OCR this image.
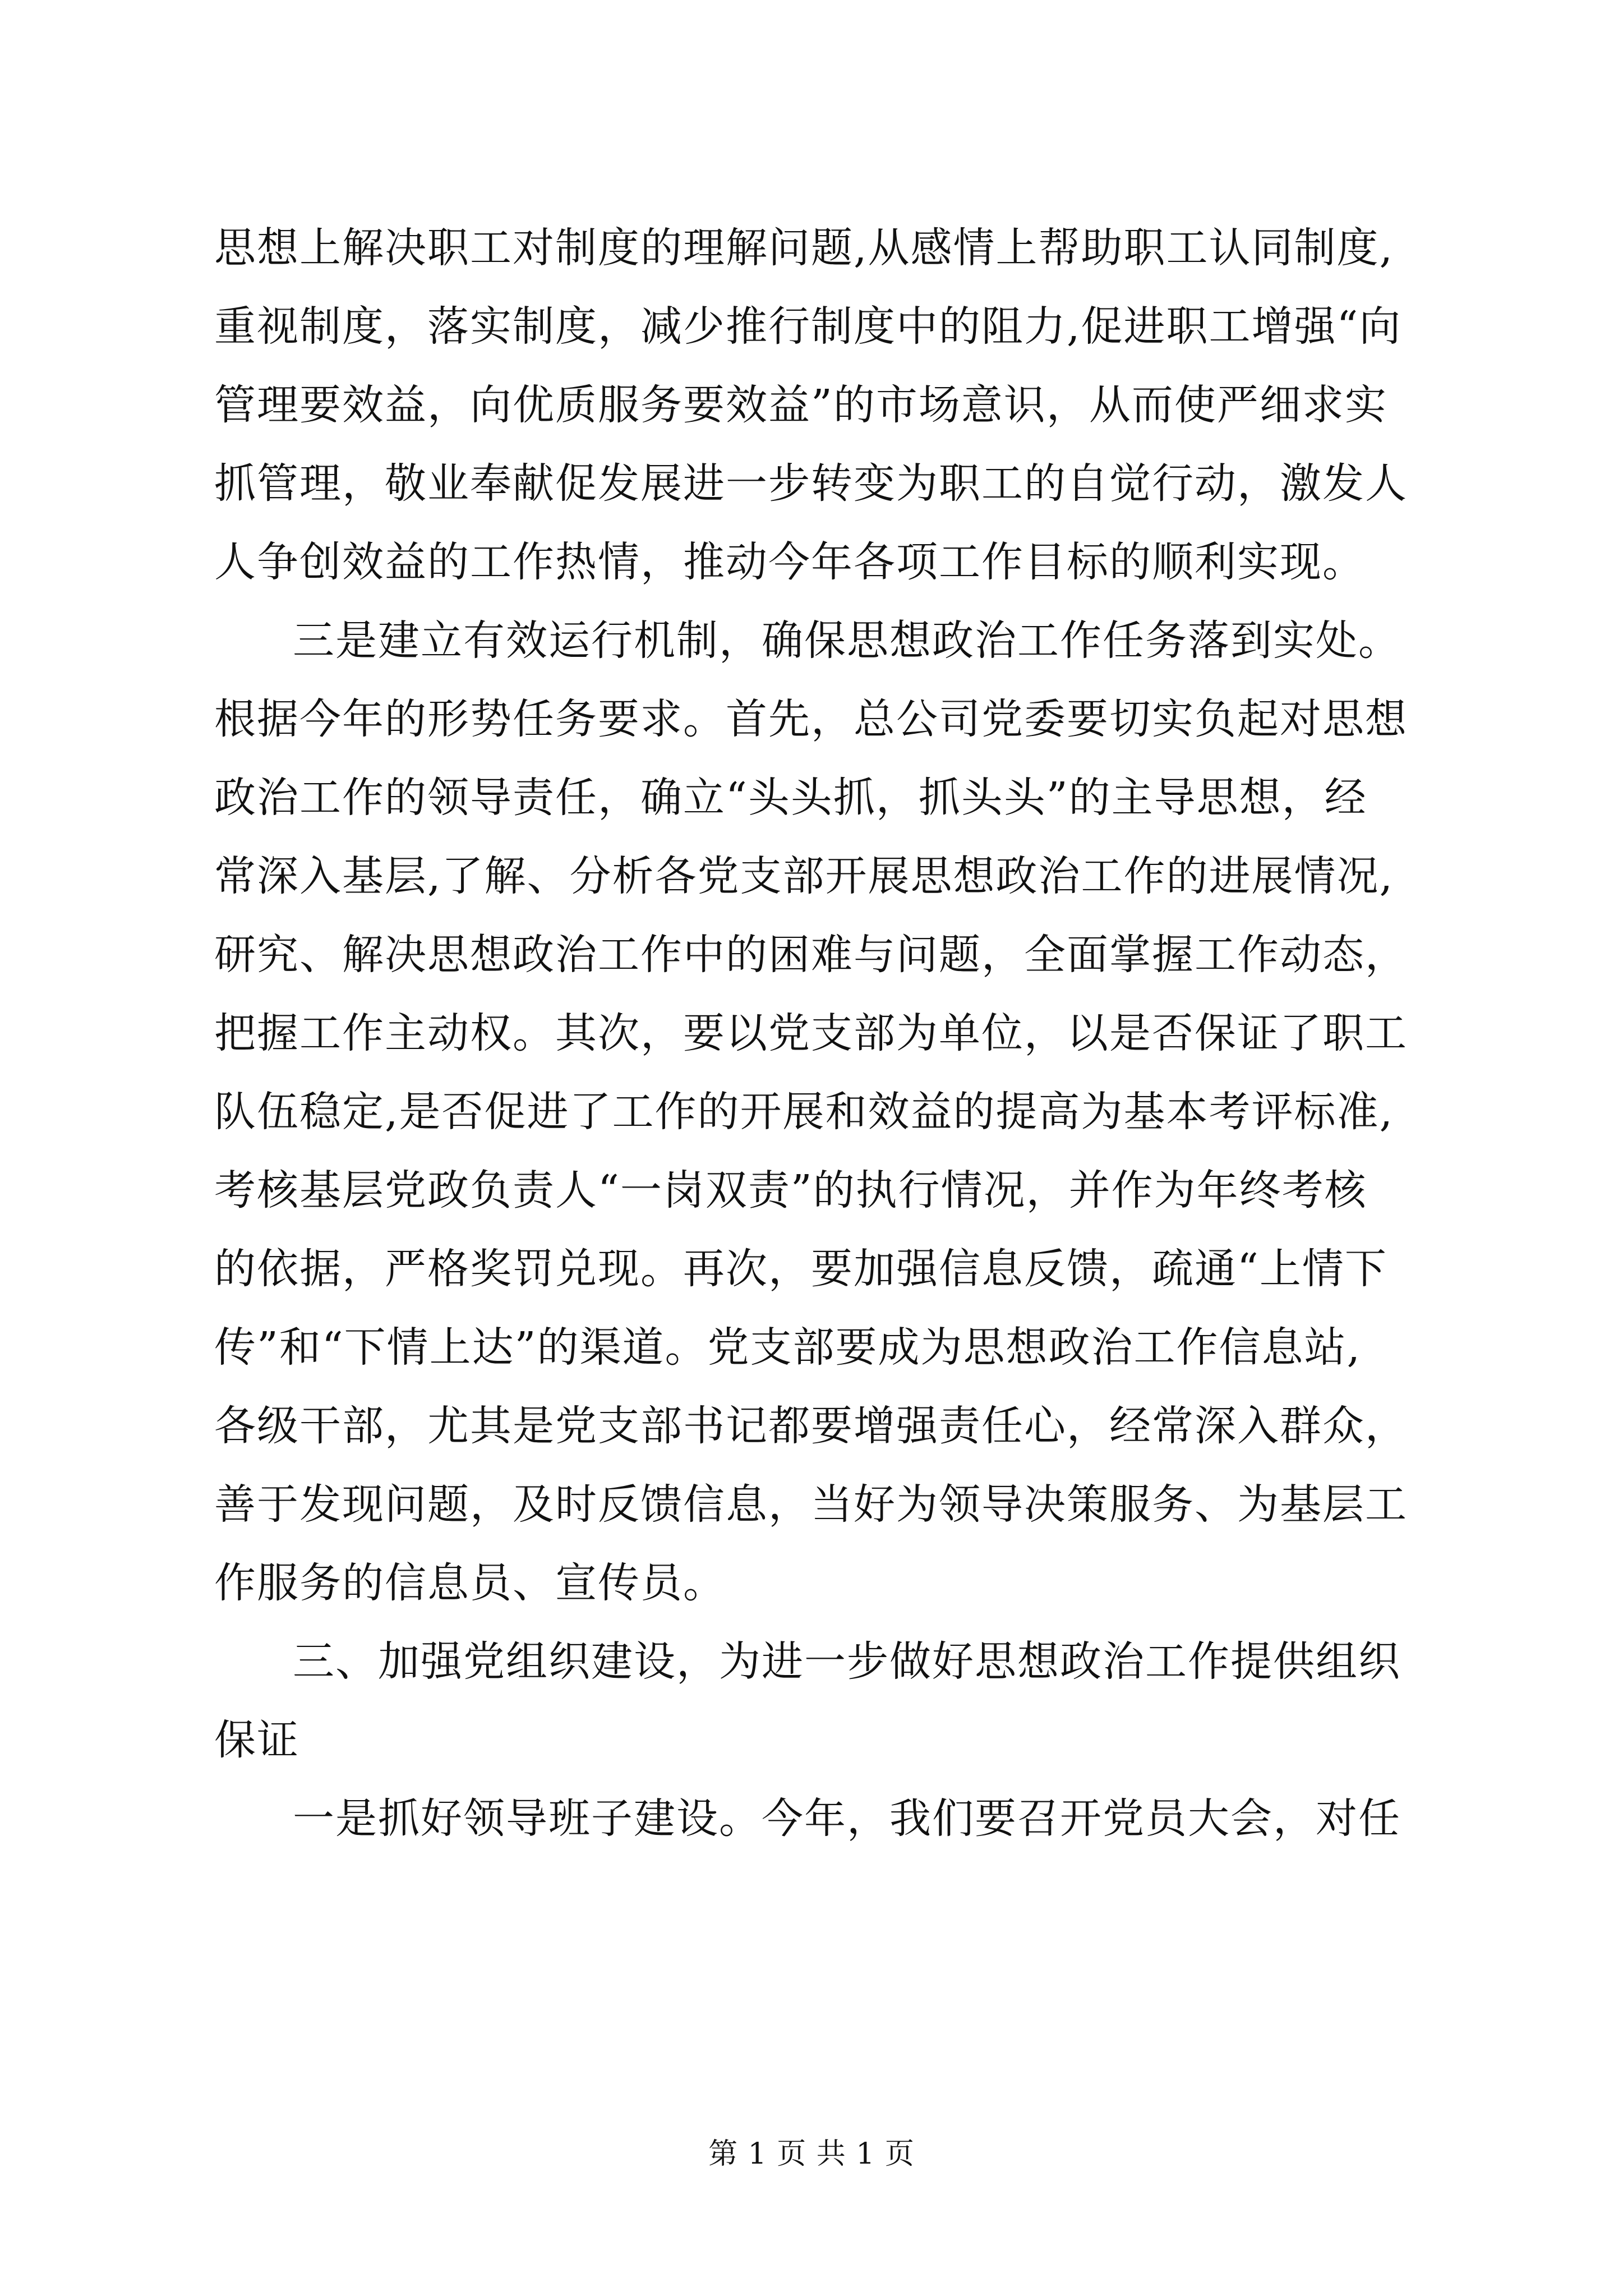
思想上解决职工对制度的理解问题,从感情上帮助职工认同制度,
重视制度，落实制度，减少推行制度中的阻力,促进职工增强“向
管理要效益，向优质服务要效益”的市场意识，从而使严细求实
抓管理，敬业奉献促发展进一步转变为职工的自觉行动，激发人
人争创效益的工作热情，推动今年各项工作目标的顺利实现。
三是建立有效运行机制，确保思想政治工作任务落到实处。
根据今年的形势任务要求。首先，总公司党委要切实负起对思想
政治工作的领导责任，确立“头头抓，抓头头”的主导思想，经
常深入基层,了解、分析各党支部开展思想政治工作的进展情况,
研究、解决思想政治工作中的困难与问题，全面掌握工作动态，
把握工作主动权。其次，要以党支部为单位，以是否保证了职工
队伍稳定,是否促进了工作的开展和效益的提高为基本考评标准,
考核基层党政负责人“一岗双责”的执行情况，并作为年终考核
的依据，严格奖罚兑现。再次，要加强信息反馈，疏通“上情下
传”和“下情上达”的渠道。党支部要成为思想政治工作信息站,
各级干部，尤其是党支部书记都要增强责任心，经常深入群众，
善于发现问题，及时反馈信息，当好为领导决策服务、为基层工
作服务的信息员、宣传员。
三、加强党组织建设，为进一步做好思想政治工作提供组织
保证
一是抓好领导班子建设。今年，我们要召开党员大会，对任
第 1 页 共 1 页
